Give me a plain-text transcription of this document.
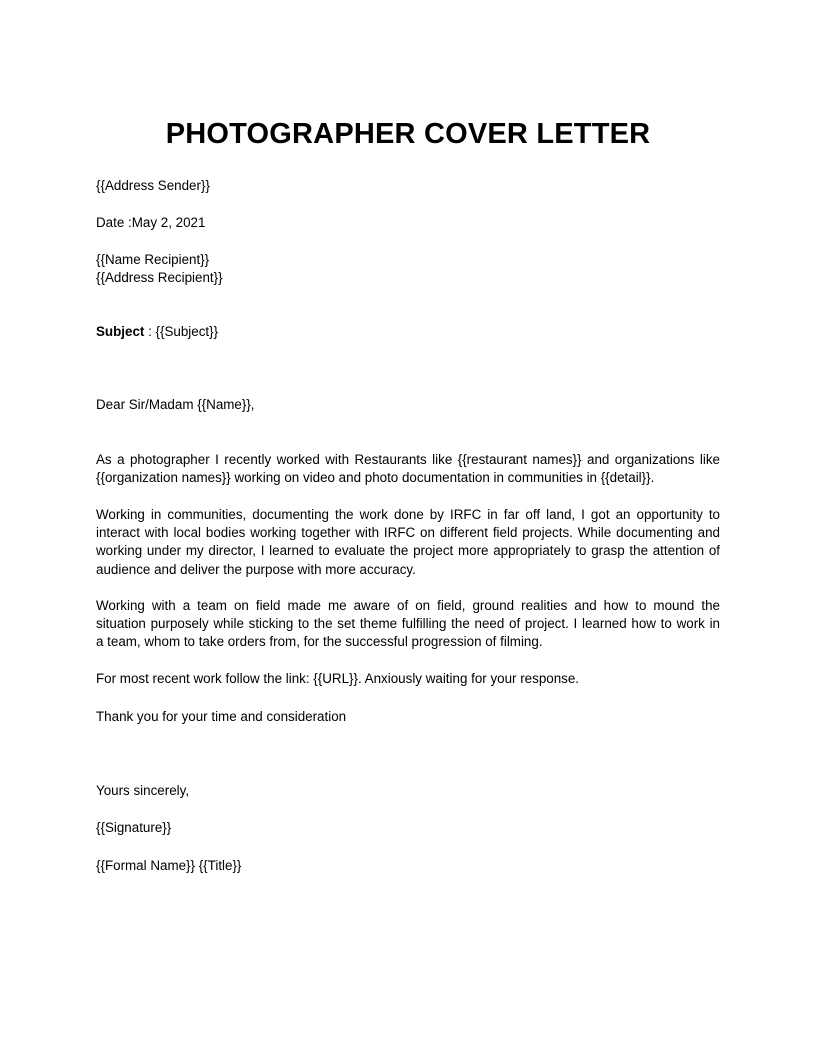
PHOTOGRAPHER COVER LETTER

{{Address Sender}}

Date :May 2, 2021

{{Name Recipient}}

{{Address Recipient}}

Subject : {{Subject}}

Dear Sir/Madam {{Name}},

As a photographer I recently worked with Restaurants like {{restaurant names}} and organizations like
{{organization names}} working on video and photo documentation in communities in {{detail}}.

Working in communities, documenting the work done by IRFC in far off land, I got an opportunity to
interact with local bodies working together with IRFC on different field projects. While documenting and
working under my director, I learned to evaluate the project more appropriately to grasp the attention of
audience and deliver the purpose with more accuracy.

Working with a team on field made me aware of on field, ground realities and how to mound the
situation purposely while sticking to the set theme fulfilling the need of project. I learned how to work in
a team, whom to take orders from, for the successful progression of filming.

For most recent work follow the link: {{URL}}. Anxiously waiting for your response.

Thank you for your time and consideration

Yours sincerely,

{{Signature}}

{{Formal Name}} {{Title}}
